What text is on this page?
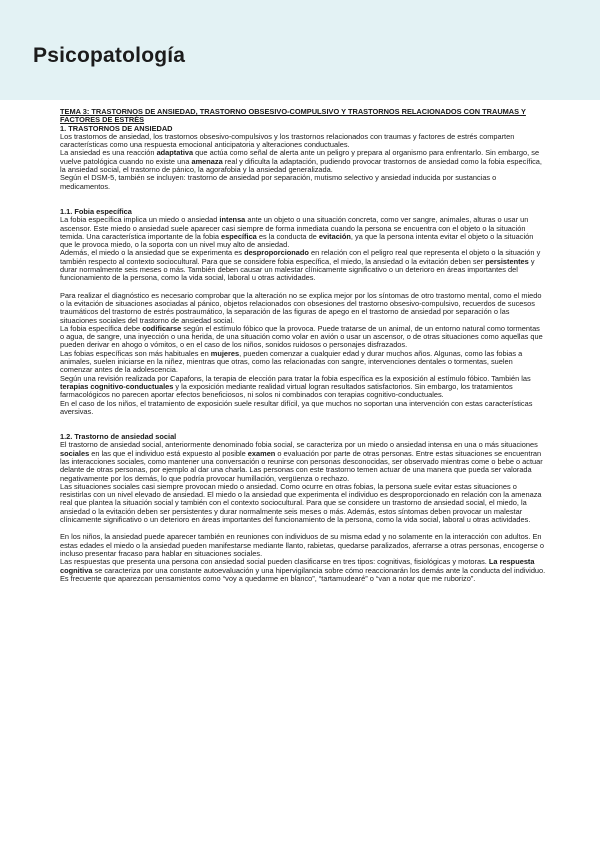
Psicopatología

TEMA 3: TRASTORNOS DE ANSIEDAD, TRASTORNO OBSESIVO-COMPULSIVO Y TRASTORNOS RELACIONADOS CON TRAUMAS Y FACTORES DE ESTRÉS

1. TRASTORNOS DE ANSIEDAD

Los trastornos de ansiedad, los trastornos obsesivo-compulsivos y los trastornos relacionados con traumas y factores de estrés comparten características como una respuesta emocional anticipatoria y alteraciones conductuales.

La ansiedad es una reacción adaptativa que actúa como señal de alerta ante un peligro y prepara al organismo para enfrentarlo. Sin embargo, se vuelve patológica cuando no existe una amenaza real y dificulta la adaptación, pudiendo provocar trastornos de ansiedad como la fobia específica, la ansiedad social, el trastorno de pánico, la agorafobia y la ansiedad generalizada.

Según el DSM-5, también se incluyen: trastorno de ansiedad por separación, mutismo selectivo y ansiedad inducida por sustancias o medicamentos.

1.1. Fobia específica

La fobia específica implica un miedo o ansiedad intensa ante un objeto o una situación concreta, como ver sangre, animales, alturas o usar un ascensor. Este miedo o ansiedad suele aparecer casi siempre de forma inmediata cuando la persona se encuentra con el objeto o la situación temida. Una característica importante de la fobia específica es la conducta de evitación, ya que la persona intenta evitar el objeto o la situación que le provoca miedo, o la soporta con un nivel muy alto de ansiedad.

Además, el miedo o la ansiedad que se experimenta es desproporcionado en relación con el peligro real que representa el objeto o la situación y también respecto al contexto sociocultural. Para que se considere fobia específica, el miedo, la ansiedad o la evitación deben ser persistentes y durar normalmente seis meses o más. También deben causar un malestar clínicamente significativo o un deterioro en áreas importantes del funcionamiento de la persona, como la vida social, laboral u otras actividades.

Para realizar el diagnóstico es necesario comprobar que la alteración no se explica mejor por los síntomas de otro trastorno mental, como el miedo o la evitación de situaciones asociadas al pánico, objetos relacionados con obsesiones del trastorno obsesivo-compulsivo, recuerdos de sucesos traumáticos del trastorno de estrés postraumático, la separación de las figuras de apego en el trastorno de ansiedad por separación o las situaciones sociales del trastorno de ansiedad social.

La fobia específica debe codificarse según el estímulo fóbico que la provoca. Puede tratarse de un animal, de un entorno natural como tormentas o agua, de sangre, una inyección o una herida, de una situación como volar en avión o usar un ascensor, o de otras situaciones como aquellas que pueden derivar en ahogo o vómitos, o en el caso de los niños, sonidos ruidosos o personajes disfrazados.

Las fobias específicas son más habituales en mujeres, pueden comenzar a cualquier edad y durar muchos años. Algunas, como las fobias a animales, suelen iniciarse en la niñez, mientras que otras, como las relacionadas con sangre, intervenciones dentales o tormentas, suelen comenzar antes de la adolescencia.

Según una revisión realizada por Capafons, la terapia de elección para tratar la fobia específica es la exposición al estímulo fóbico. También las terapias cognitivo-conductuales y la exposición mediante realidad virtual logran resultados satisfactorios. Sin embargo, los tratamientos farmacológicos no parecen aportar efectos beneficiosos, ni solos ni combinados con terapias cognitivo-conductuales.

En el caso de los niños, el tratamiento de exposición suele resultar difícil, ya que muchos no soportan una intervención con estas características aversivas.

1.2. Trastorno de ansiedad social

El trastorno de ansiedad social, anteriormente denominado fobia social, se caracteriza por un miedo o ansiedad intensa en una o más situaciones sociales en las que el individuo está expuesto al posible examen o evaluación por parte de otras personas. Entre estas situaciones se encuentran las interacciones sociales, como mantener una conversación o reunirse con personas desconocidas, ser observado mientras come o bebe o actuar delante de otras personas, por ejemplo al dar una charla. Las personas con este trastorno temen actuar de una manera que pueda ser valorada negativamente por los demás, lo que podría provocar humillación, vergüenza o rechazo.

Las situaciones sociales casi siempre provocan miedo o ansiedad. Como ocurre en otras fobias, la persona suele evitar estas situaciones o resistirlas con un nivel elevado de ansiedad. El miedo o la ansiedad que experimenta el individuo es desproporcionado en relación con la amenaza real que plantea la situación social y también con el contexto sociocultural. Para que se considere un trastorno de ansiedad social, el miedo, la ansiedad o la evitación deben ser persistentes y durar normalmente seis meses o más. Además, estos síntomas deben provocar un malestar clínicamente significativo o un deterioro en áreas importantes del funcionamiento de la persona, como la vida social, laboral u otras actividades.

En los niños, la ansiedad puede aparecer también en reuniones con individuos de su misma edad y no solamente en la interacción con adultos. En estas edades el miedo o la ansiedad pueden manifestarse mediante llanto, rabietas, quedarse paralizados, aferrarse a otras personas, encogerse o incluso presentar fracaso para hablar en situaciones sociales.

Las respuestas que presenta una persona con ansiedad social pueden clasificarse en tres tipos: cognitivas, fisiológicas y motoras. La respuesta cognitiva se caracteriza por una constante autoevaluación y una hipervigilancia sobre cómo reaccionarán los demás ante la conducta del individuo. Es frecuente que aparezcan pensamientos como “voy a quedarme en blanco”, “tartamudearé” o “van a notar que me ruborizo”.
